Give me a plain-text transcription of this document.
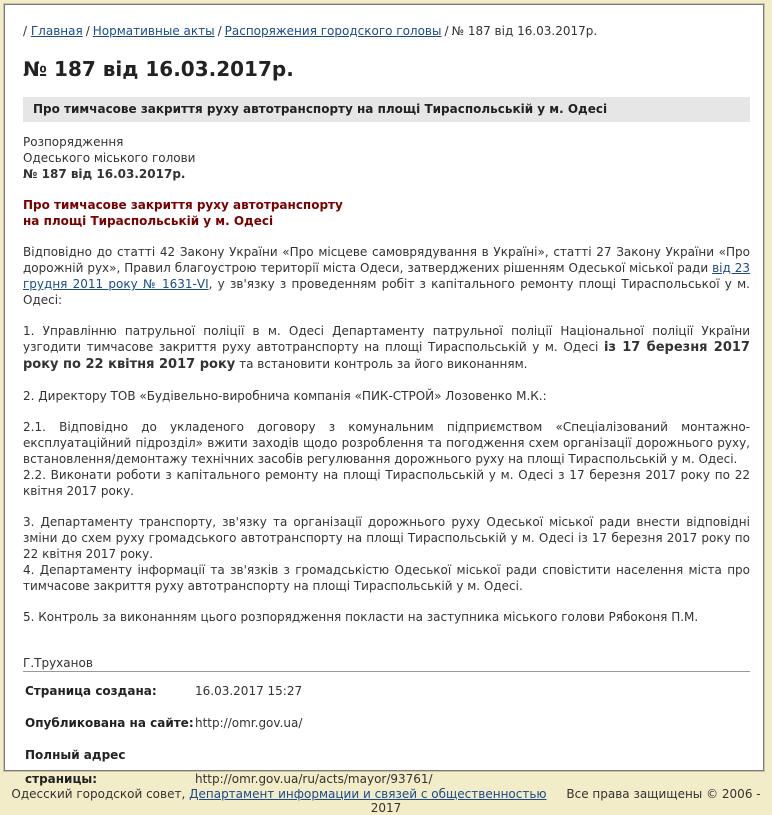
/ Главная / Нормативные акты / Распоряжения городского головы / № 187 від 16.03.2017р.
№ 187 від 16.03.2017р.
Про тимчасове закриття руху автотранспорту на площі Тираспольській у м. Одесі

Розпорядження
Одеського міського голови
№ 187 від 16.03.2017р.

Про тимчасове закриття руху автотранспорту
на площі Тираспольській у м. Одесі

Відповідно до статті 42 Закону України «Про місцеве самоврядування в Україні», статті 27 Закону України «Про дорожній рух», Правил благоустрою території міста Одеси, затверджених рішенням Одеської міської ради від 23 грудня 2011 року № 1631-VI, у зв'язку з проведенням робіт з капітального ремонту площі Тираспольської у м. Одесі:

1. Управлінню патрульної поліції в м. Одесі Департаменту патрульної поліції Національної поліції України узгодити тимчасове закриття руху автотранспорту на площі Тираспольській у м. Одесі із 17 березня 2017 року по 22 квітня 2017 року та встановити контроль за його виконанням.

2. Директору ТОВ «Будівельно-виробнича компанія «ПИК-СТРОЙ» Лозовенко М.К.:

2.1. Відповідно до укладеного договору з комунальним підприємством «Спеціалізований монтажно-експлуатаційний підрозділ» вжити заходів щодо розроблення та погодження схем організації дорожнього руху, встановлення/демонтажу технічних засобів регулювання дорожнього руху на площі Тираспольській у м. Одесі.
2.2. Виконати роботи з капітального ремонту на площі Тираспольській у м. Одесі з 17 березня 2017 року по 22 квітня 2017 року.

3. Департаменту транспорту, зв'язку та організації дорожнього руху Одеської міської ради внести відповідні зміни до схем руху громадського автотранспорту на площі Тираспольській у м. Одесі із 17 березня 2017 року по 22 квітня 2017 року.
4. Департаменту інформації та зв'язків з громадськістю Одеської міської ради сповістити населення міста про тимчасове закриття руху автотранспорту на площі Тираспольській у м. Одесі.

5. Контроль за виконанням цього розпорядження покласти на заступника міського голови Рябоконя П.М.

Г.Труханов

Страница создана:	16.03.2017 15:27
Опубликована на сайте:http://omr.gov.ua/
Полный адрес страницы:	http://omr.gov.ua/ru/acts/mayor/93761/
Одесский городской совет, Департамент информации и связей с общественностью Все права защищены © 2006 - 2017
